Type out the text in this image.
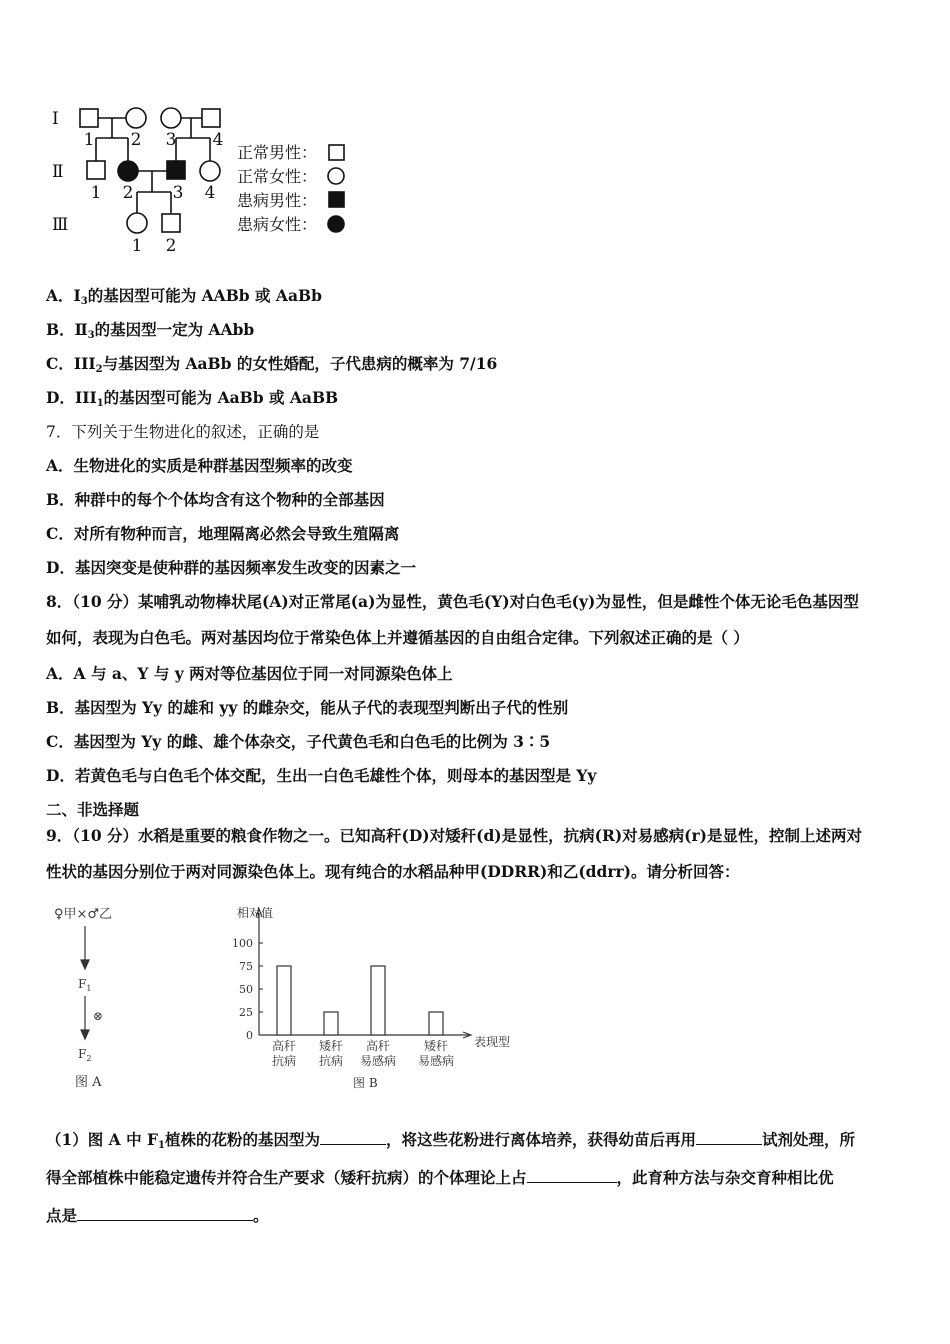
Ⅰ
Ⅱ
Ⅲ
1 2 3 4
1 2 3 4
1 2
正常男性：
正常女性：
患病男性：
患病女性：
A．$Ⅰ_3$的基因型可能为 AABb 或 AaBb
B．$Ⅱ_3$的基因型一定为 AAbb
C．$III_2$与基因型为 AaBb 的女性婚配，子代患病的概率为 7/16
D．$III_1$的基因型可能为 AaBb 或 AaBB
7．下列关于生物进化的叙述，正确的是
A．生物进化的实质是种群基因型频率的改变
B．种群中的每个个体均含有这个物种的全部基因
C．对所有物种而言，地理隔离必然会导致生殖隔离
D．基因突变是使种群的基因频率发生改变的因素之一
8．（10 分）某哺乳动物棒状尾(A)对正常尾(a)为显性，黄色毛(Y)对白色毛(y)为显性，但是雌性个体无论毛色基因型
如何，表现为白色毛。两对基因均位于常染色体上并遵循基因的自由组合定律。下列叙述正确的是（ ）
A．A 与 a、Y 与 y 两对等位基因位于同一对同源染色体上
B．基因型为 Yy 的雄和 yy 的雌杂交，能从子代的表现型判断出子代的性别
C．基因型为 Yy 的雌、雄个体杂交，子代黄色毛和白色毛的比例为 3∶5
D．若黄色毛与白色毛个体交配，生出一白色毛雄性个体，则母本的基因型是 Yy
二、非选择题
9．（10 分）水稻是重要的粮食作物之一。已知高秆(D)对矮秆(d)是显性，抗病(R)对易感病(r)是显性，控制上述两对
性状的基因分别位于两对同源染色体上。现有纯合的水稻品种甲(DDRR)和乙(ddrr)。请分析回答：
♀甲×♂乙
$F_1$
⊗
$F_2$
图 A
相对值
表现型
图 B
100
75
50
25
0
高秆
抗病
矮秆
抗病
高秆
易感病
矮秆
易感病
（1）图 A 中 $F_1$植株的花粉的基因型为	，将这些花粉进行离体培养，获得幼苗后再用	试剂处理，所
得全部植株中能稳定遗传并符合生产要求（矮秆抗病）的个体理论上占	，此育种方法与杂交育种相比优
点是	。
